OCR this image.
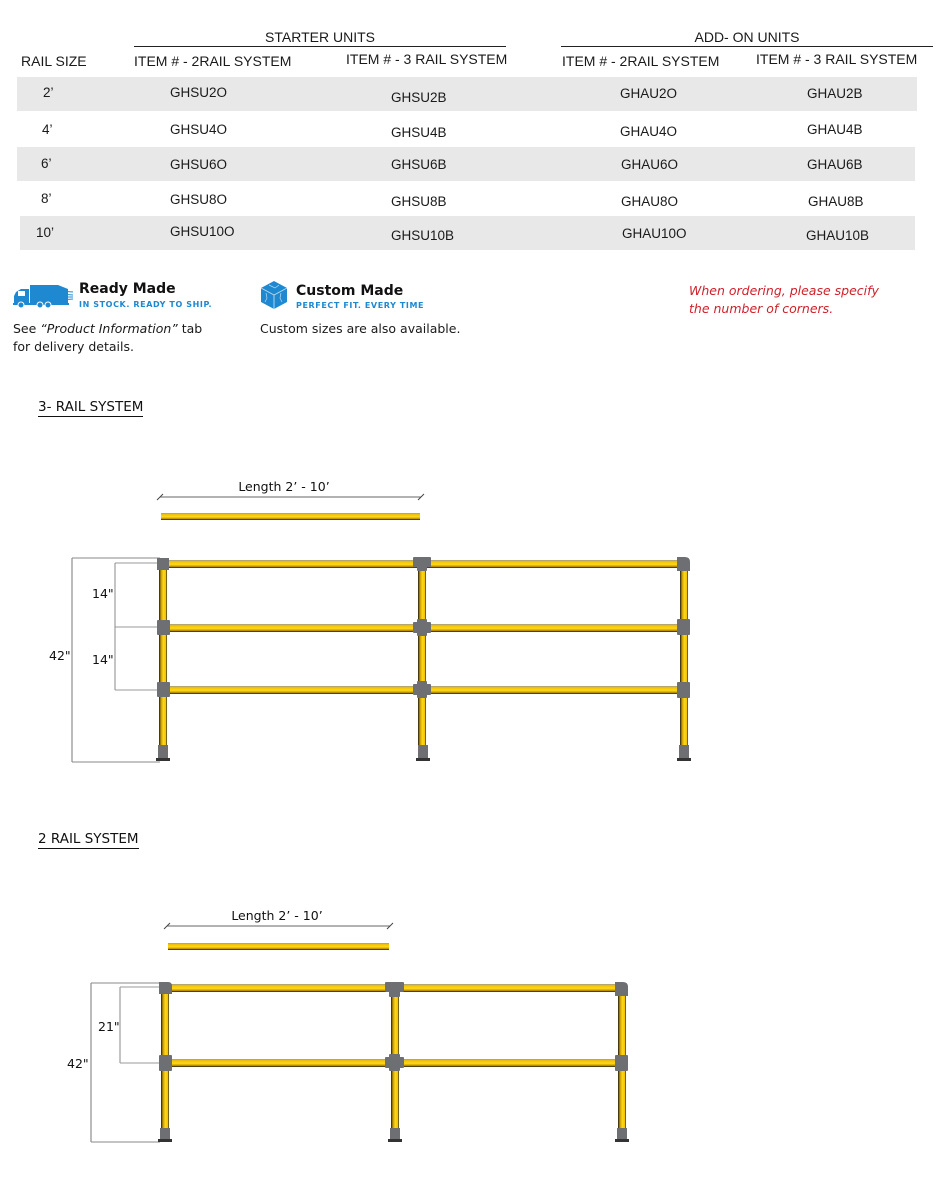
STARTER UNITS	ADD- ON UNITS
RAIL SIZE	ITEM # - 2RAIL SYSTEM	ITEM # - 3 RAIL SYSTEM	ITEM # - 2RAIL SYSTEM	ITEM # - 3 RAIL SYSTEM
2’	GHSU2O	GHSU2B	GHAU2O	GHAU2B
4’	GHSU4O	GHSU4B	GHAU4O	GHAU4B
6’	GHSU6O	GHSU6B	GHAU6O	GHAU6B
8’	GHSU8O	GHSU8B	GHAU8O	GHAU8B
10’	GHSU10O	GHSU10B	GHAU10O	GHAU10B
Ready Made
IN STOCK. READY TO SHIP.
See “Product Information” tab
for delivery details.
Custom Made
PERFECT FIT. EVERY TIME
Custom sizes are also available.
When ordering, please specify
the number of corners.
3- RAIL SYSTEM
Length 2’ - 10’
42"
14"
14"
2 RAIL SYSTEM
Length 2’ - 10’
42"
21"
